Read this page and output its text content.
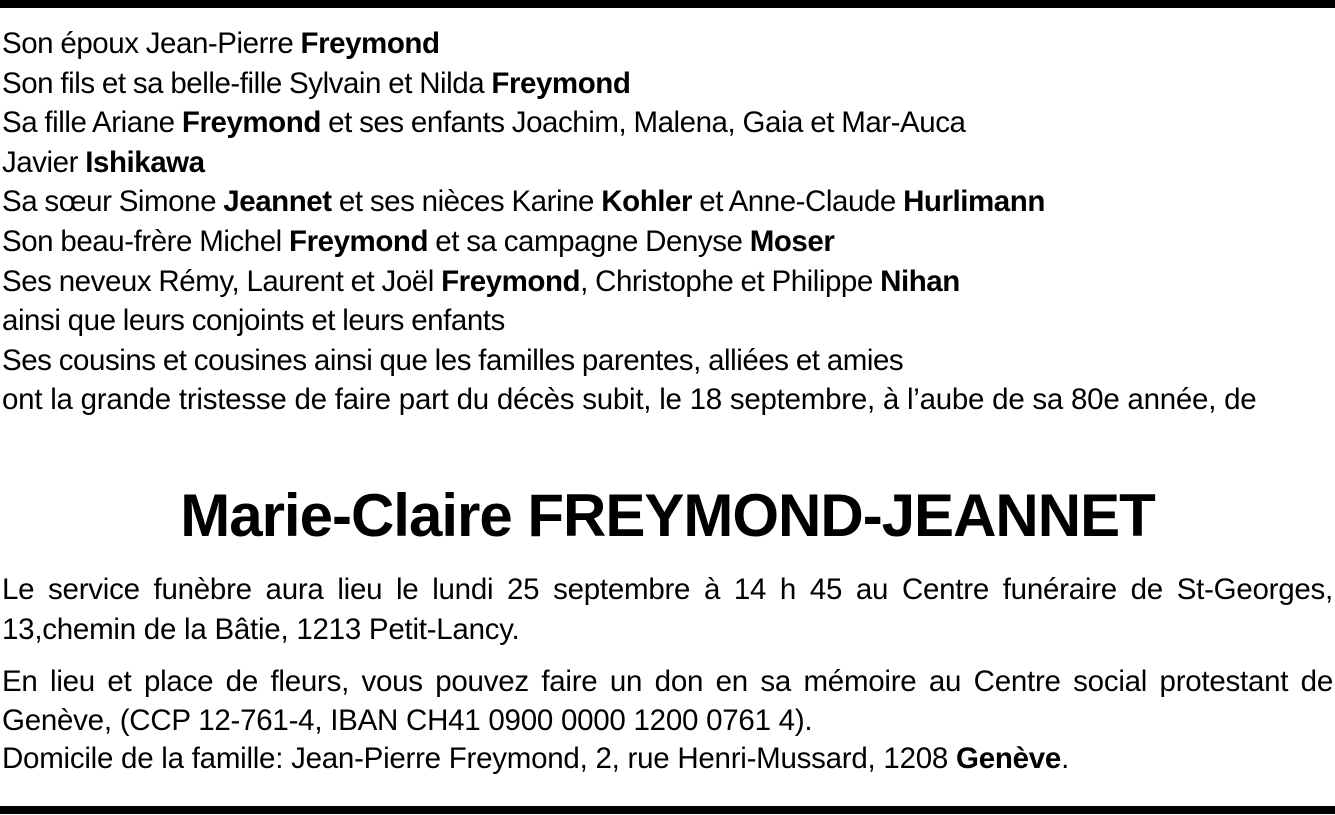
Son époux Jean-Pierre Freymond
Son fils et sa belle-fille Sylvain et Nilda Freymond
Sa fille Ariane Freymond et ses enfants Joachim, Malena, Gaia et Mar-Auca
Javier Ishikawa
Sa sœur Simone Jeannet et ses nièces Karine Kohler et Anne-Claude Hurlimann
Son beau-frère Michel Freymond et sa campagne Denyse Moser
Ses neveux Rémy, Laurent et Joël Freymond, Christophe et Philippe Nihan
ainsi que leurs conjoints et leurs enfants
Ses cousins et cousines ainsi que les familles parentes, alliées et amies
ont la grande tristesse de faire part du décès subit, le 18 septembre, à l’aube de sa 80e année, de
Marie-Claire FREYMOND-JEANNET
Le service funèbre aura lieu le lundi 25 septembre à 14 h 45 au Centre funéraire de St-Georges, 13,chemin de la Bâtie, 1213 Petit-Lancy.
En lieu et place de fleurs, vous pouvez faire un don en sa mémoire au Centre social protestant de Genève, (CCP 12-761-4, IBAN CH41 0900 0000 1200 0761 4).
Domicile de la famille: Jean-Pierre Freymond, 2, rue Henri-Mussard, 1208 Genève.
